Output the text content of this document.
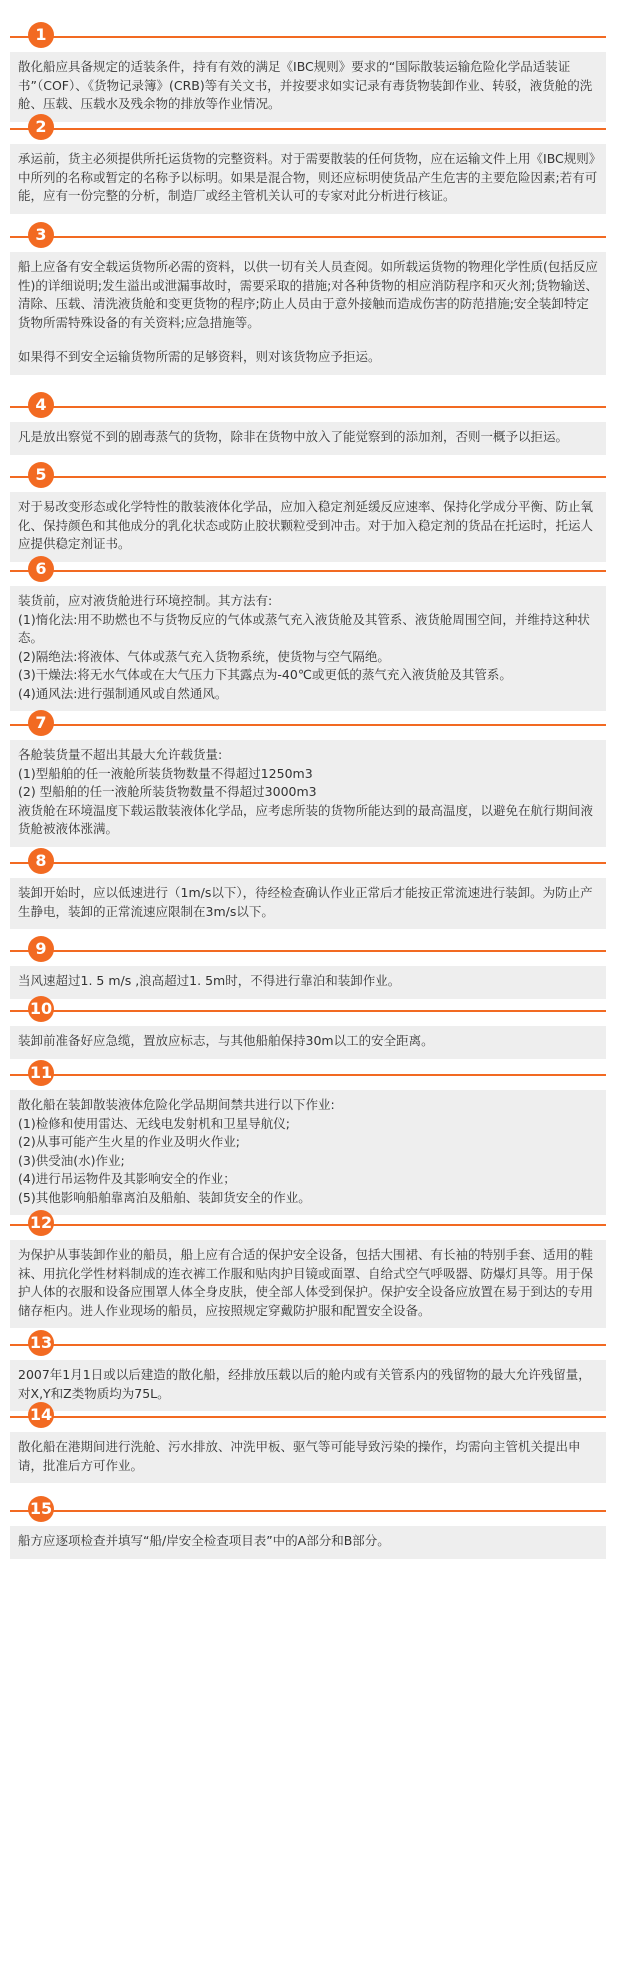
1

散化船应具备规定的适装条件，持有有效的满足《IBC规则》要求的“国际散装运输危险化学品适装证书”（COF）、《货物记录簿》(CRB)等有关文书，并按要求如实记录有毒货物装卸作业、转驳，液货舱的洗舱、压载、压载水及残余物的排放等作业情况。

2

承运前，货主必须提供所托运货物的完整资料。对于需要散装的任何货物，应在运输文件上用《IBC规则》中所列的名称或暂定的名称予以标明。如果是混合物，则还应标明使货品产生危害的主要危险因素;若有可能，应有一份完整的分析，制造厂或经主管机关认可的专家对此分析进行核证。

3

船上应备有安全载运货物所必需的资料，以供一切有关人员查阅。如所载运货物的物理化学性质(包括反应性)的详细说明;发生溢出或泄漏事故时，需要采取的措施;对各种货物的相应消防程序和灭火剂;货物输送、清除、压载、清洗液货舱和变更货物的程序;防止人员由于意外接触而造成伤害的防范措施;安全装卸特定货物所需特殊设备的有关资料;应急措施等。

如果得不到安全运输货物所需的足够资料，则对该货物应予拒运。

4

凡是放出察觉不到的剧毒蒸气的货物，除非在货物中放入了能觉察到的添加剂，否则一概予以拒运。

5

对于易改变形态或化学特性的散装液体化学品，应加入稳定剂延缓反应速率、保持化学成分平衡、防止氧化、保持颜色和其他成分的乳化状态或防止胶状颗粒受到冲击。对于加入稳定剂的货品在托运时，托运人应提供稳定剂证书。

6

装货前，应对液货舱进行环境控制。其方法有:

(1)惰化法:用不助燃也不与货物反应的气体或蒸气充入液货舱及其管系、液货舱周围空间，并维持这种状态。

(2)隔绝法:将液体、气体或蒸气充入货物系统，使货物与空气隔绝。

(3)干燥法:将无水气体或在大气压力下其露点为-40℃或更低的蒸气充入液货舱及其管系。

(4)通风法:进行强制通风或自然通风。

7

各舱装货量不超出其最大允许载货量:

(1)型船舶的任一液舱所装货物数量不得超过1250m3

(2) 型船舶的任一液舱所装货物数量不得超过3000m3

液货舱在环境温度下载运散装液体化学品，应考虑所装的货物所能达到的最高温度，以避免在航行期间液货舱被液体涨满。

8

装卸开始时，应以低速进行（1m/s以下），待经检查确认作业正常后才能按正常流速进行装卸。为防止产生静电，装卸的正常流速应限制在3m/s以下。

9

当风速超过1. 5 m/s ,浪高超过1. 5m时，不得进行靠泊和装卸作业。

10

装卸前准备好应急缆，置放应标志，与其他船舶保持30m以工的安全距离。

11

散化船在装卸散装液体危险化学品期间禁共进行以下作业:

(1)检修和使用雷达、无线电发射机和卫星导航仪;

(2)从事可能产生火星的作业及明火作业;

(3)供受油(水)作业;

(4)进行吊运物件及其影响安全的作业；

(5)其他影响船舶靠离泊及船舶、装卸货安全的作业。

12

为保护从事装卸作业的船员，船上应有合适的保护安全设备，包括大围裙、有长袖的特别手套、适用的鞋袜、用抗化学性材料制成的连衣裤工作服和贴肉护目镜或面罩、自给式空气呼吸器、防爆灯具等。用于保护人体的衣服和设备应围罩人体全身皮肤，使全部人体受到保护。保护安全设备应放置在易于到达的专用储存柜内。进人作业现场的船员，应按照规定穿戴防护服和配置安全设备。

13

2007年1月1日或以后建造的散化船，经排放压载以后的舱内或有关管系内的残留物的最大允许残留量，对X,Y和Z类物质均为75L。

14

散化船在港期间进行洗舱、污水排放、冲洗甲板、驱气等可能导致污染的操作，均需向主管机关提出申请，批准后方可作业。

15

船方应逐项检查并填写“船/岸安全检查项目表”中的A部分和B部分。
